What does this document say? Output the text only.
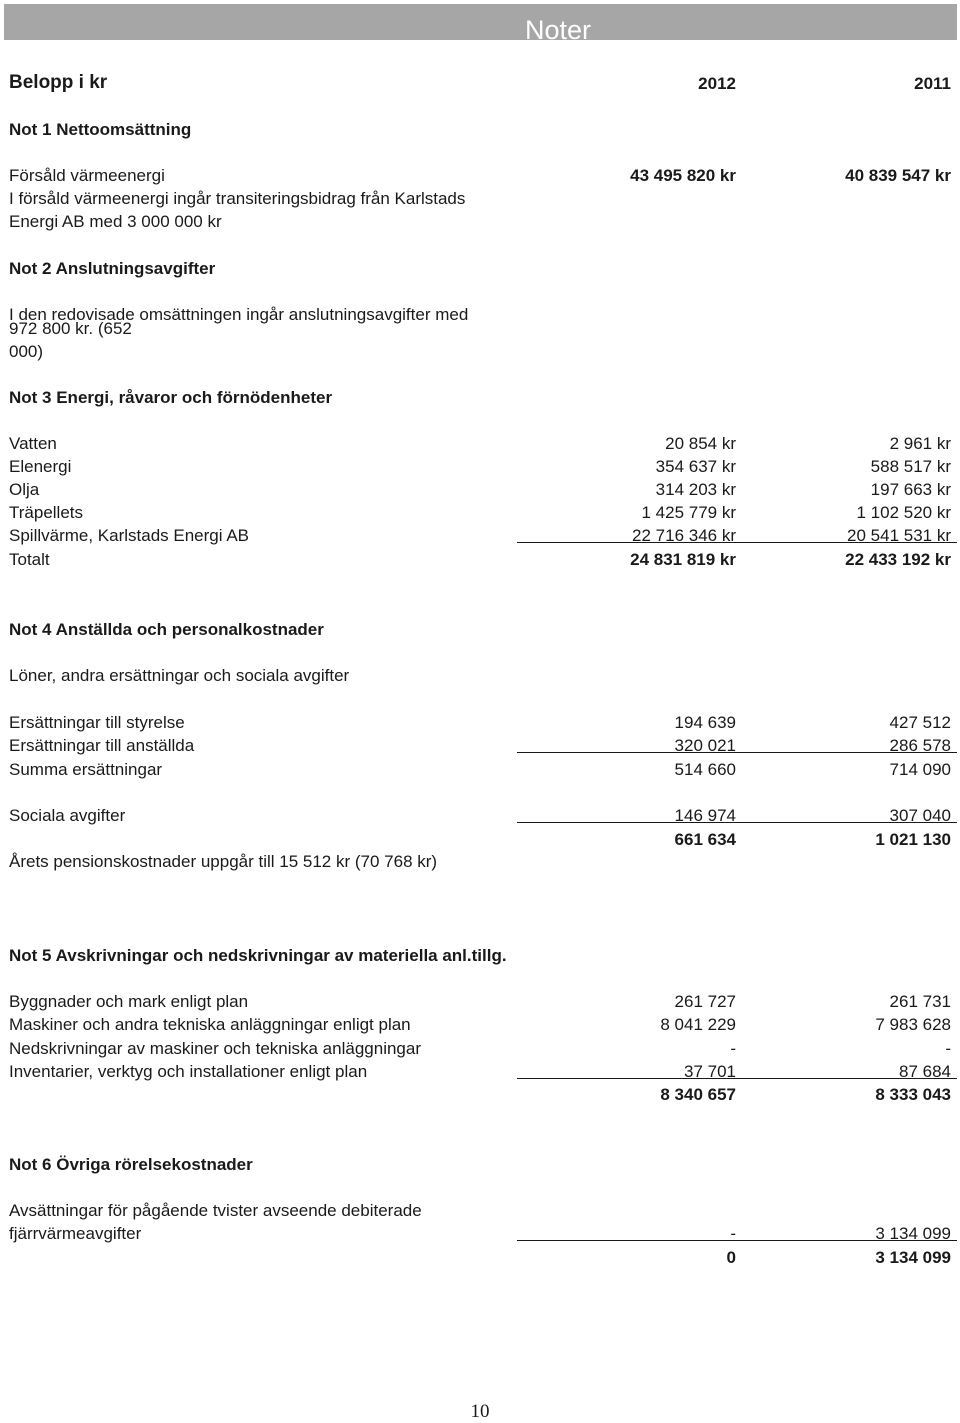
Noter
Belopp i kr	2012	2011
Not 1 Nettoomsättning
Försåld värmeenergi	43 495 820 kr	40 839 547 kr
I försåld värmeenergi ingår transiteringsbidrag från Karlstads
Energi AB med 3 000 000 kr
Not 2 Anslutningsavgifter
I den redovisade omsättningen ingår anslutningsavgifter med
972 800 kr. (652
000)
Not 3 Energi, råvaror och förnödenheter
Vatten	20 854 kr	2 961 kr
Elenergi	354 637 kr	588 517 kr
Olja	314 203 kr	197 663 kr
Träpellets	1 425 779 kr	1 102 520 kr
Spillvärme, Karlstads Energi AB	22 716 346 kr	20 541 531 kr
Totalt	24 831 819 kr	22 433 192 kr
Not 4 Anställda och personalkostnader
Löner, andra ersättningar och sociala avgifter
Ersättningar till styrelse	194 639	427 512
Ersättningar till anställda	320 021	286 578
Summa ersättningar	514 660	714 090
Sociala avgifter	146 974	307 040
661 634	1 021 130
Årets pensionskostnader uppgår till 15 512 kr (70 768 kr)
Not 5 Avskrivningar och nedskrivningar av materiella anl.tillg.
Byggnader och mark enligt plan	261 727	261 731
Maskiner och andra tekniska anläggningar enligt plan	8 041 229	7 983 628
Nedskrivningar av maskiner och tekniska anläggningar	-	-
Inventarier, verktyg och installationer enligt plan	37 701	87 684
8 340 657	8 333 043
Not 6 Övriga rörelsekostnader
Avsättningar för pågående tvister avseende debiterade
fjärrvärmeavgifter	-	3 134 099
0	3 134 099
10
